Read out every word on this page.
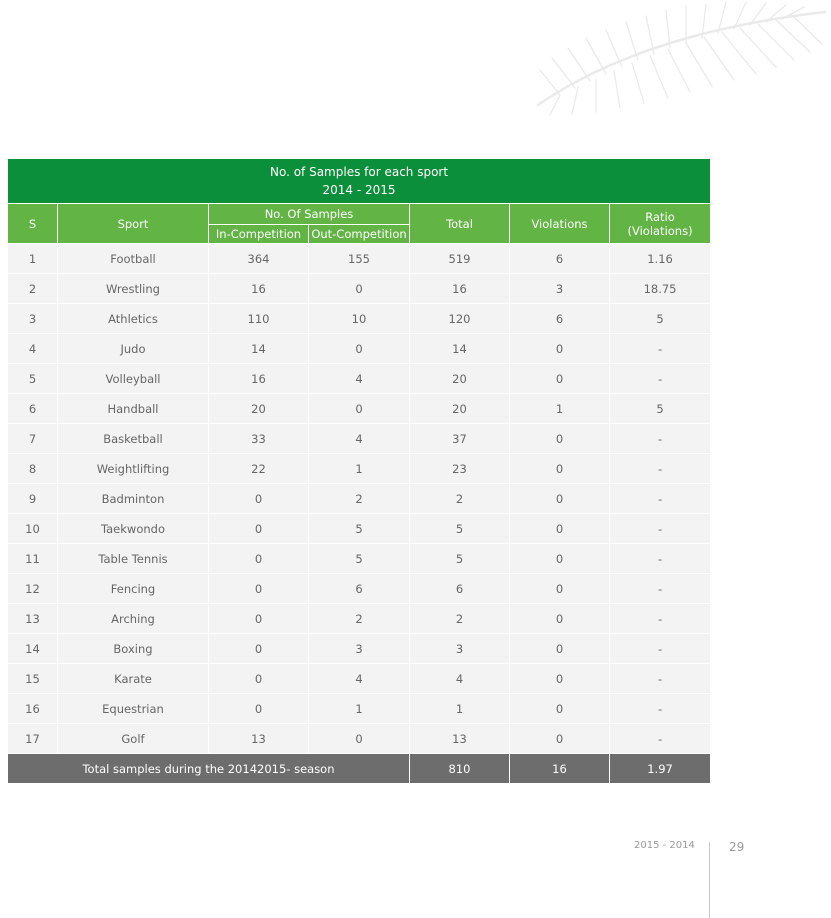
No. of Samples for each sport
2014 - 2015						

S	Sport	No. Of Samples		Total	Violations	Ratio
(Violations)

		In-Competition	Out-Competition			
1	Football	364	155	519	6	1.16
2	Wrestling	16	0	16	3	18.75
3	Athletics	110	10	120	6	5
4	Judo	14	0	14	0	-
5	Volleyball	16	4	20	0	-
6	Handball	20	0	20	1	5
7	Basketball	33	4	37	0	-
8	Weightlifting	22	1	23	0	-
9	Badminton	0	2	2	0	-
10	Taekwondo	0	5	5	0	-
11	Table Tennis	0	5	5	0	-
12	Fencing	0	6	6	0	-
13	Arching	0	2	2	0	-
14	Boxing	0	3	3	0	-
15	Karate	0	4	4	0	-
16	Equestrian	0	1	1	0	-
17	Golf	13	0	13	0	-
Total samples during the 20142015- season				810	16	1.97
2015 - 2014	29
